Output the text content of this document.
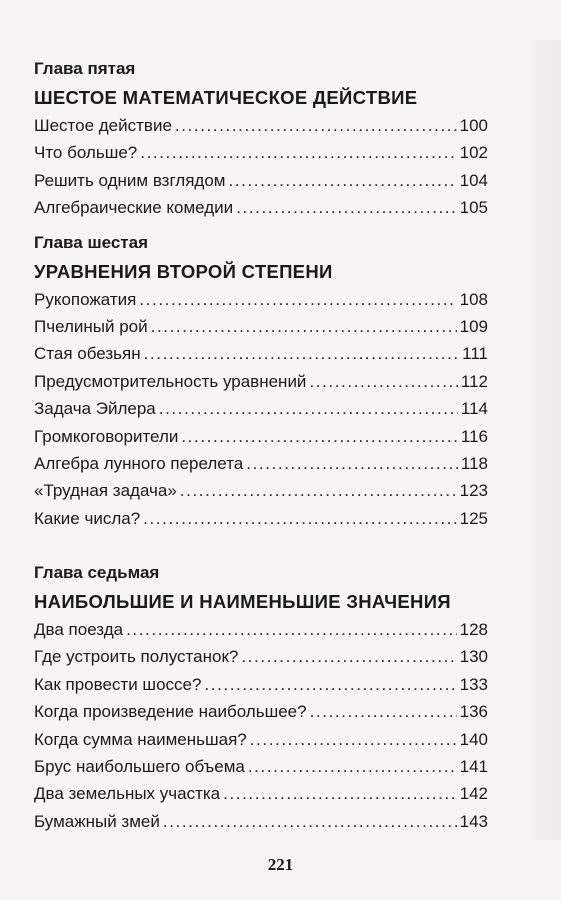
Глава пятая
ШЕСТОЕ МАТЕМАТИЧЕСКОЕ ДЕЙСТВИЕ
Шестое действие .....	100
Что больше? .....	102
Решить одним взглядом .....	104
Алгебраические комедии .....	105
Глава шестая
УРАВНЕНИЯ ВТОРОЙ СТЕПЕНИ
Рукопожатия .....	108
Пчелиный рой .....	109
Стая обезьян .....	111
Предусмотрительность уравнений .....	112
Задача Эйлера .....	114
Громкоговорители .....	116
Алгебра лунного перелета .....	118
«Трудная задача» .....	123
Какие числа? .....	125
Глава седьмая
НАИБОЛЬШИЕ И НАИМЕНЬШИЕ ЗНАЧЕНИЯ
Два поезда .....	128
Где устроить полустанок? .....	130
Как провести шоссе? .....	133
Когда произведение наибольшее? .....	136
Когда сумма наименьшая? .....	140
Брус наибольшего объема .....	141
Два земельных участка .....	142
Бумажный змей .....	143
221
